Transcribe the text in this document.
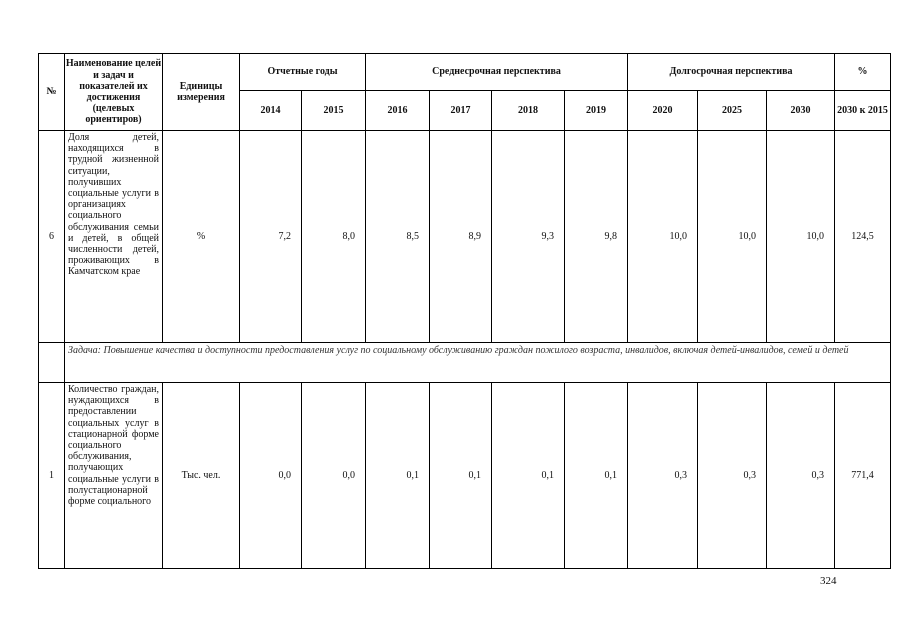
№	Наименование целей и задач и показателей их достижения (целевых ориентиров)	Единицы измерения	Отчетные годы		Среднесрочная перспектива				Долгосрочная перспектива			%
			2014	2015	2016	2017	2018	2019	2020	2025	2030	2030 к 2015
6	Доля детей, находящихся в трудной жизненной ситуации, получивших социальные услуги в организациях социального обслуживания семьи и детей, в общей численности детей, проживающих в Камчатском крае	%	7,2	8,0	8,5	8,9	9,3	9,8	10,0	10,0	10,0	124,5
	Задача: Повышение качества и доступности предоставления услуг по социальному обслуживанию граждан пожилого возраста, инвалидов, включая детей-инвалидов, семей и детей											
1	Количество граждан, нуждающихся в предоставлении социальных услуг в стационарной форме социального обслуживания, получающих социальные услуги в полустационарной форме социального	Тыс. чел.	0,0	0,0	0,1	0,1	0,1	0,1	0,3	0,3	0,3	771,4
324
